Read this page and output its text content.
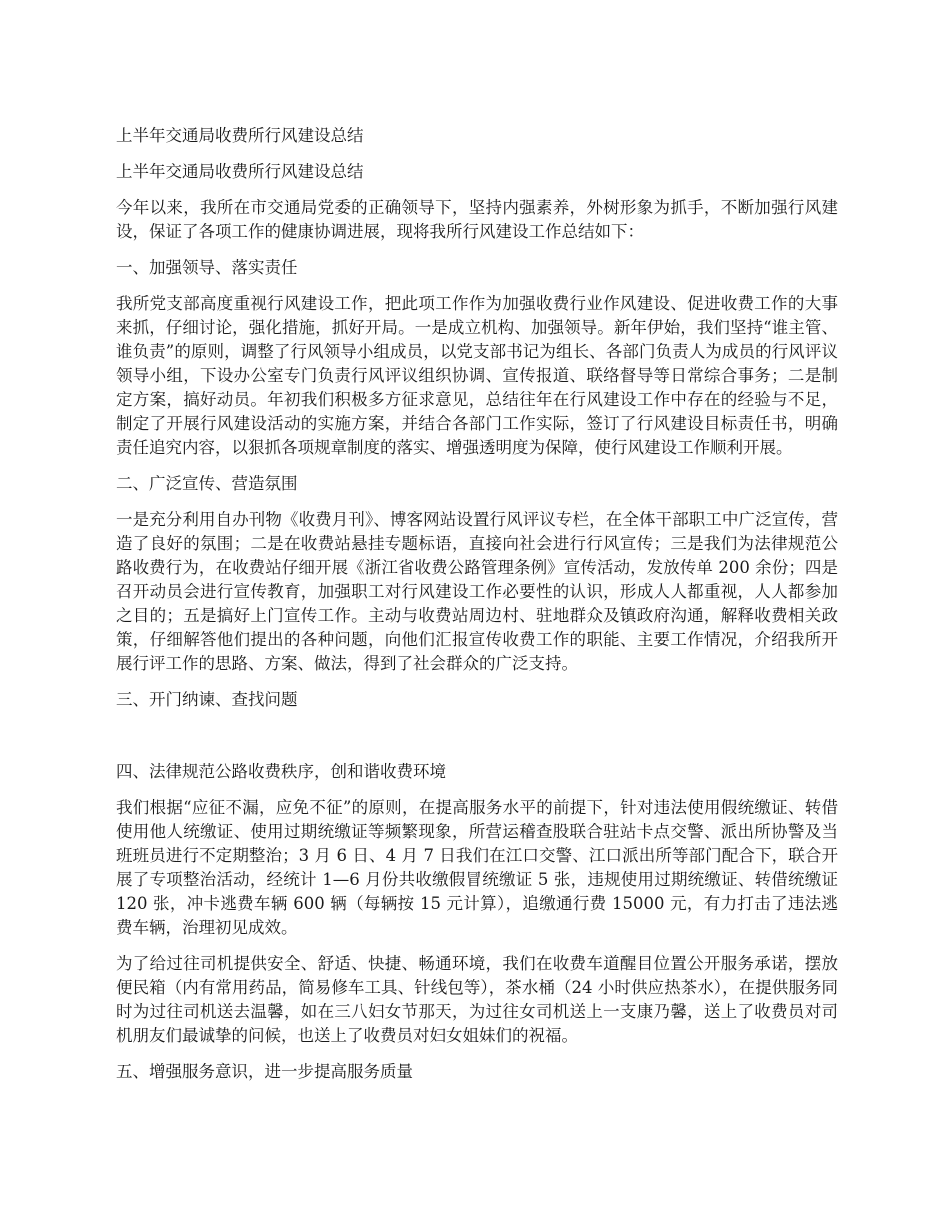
上半年交通局收费所行风建设总结

上半年交通局收费所行风建设总结

今年以来，我所在市交通局党委的正确领导下，坚持内强素养，外树形象为抓手，不断加强行风建设，保证了各项工作的健康协调进展，现将我所行风建设工作总结如下：

一、加强领导、落实责任

我所党支部高度重视行风建设工作，把此项工作作为加强收费行业作风建设、促进收费工作的大事来抓，仔细讨论，强化措施，抓好开局。一是成立机构、加强领导。新年伊始，我们坚持“谁主管、谁负责”的原则，调整了行风领导小组成员，以党支部书记为组长、各部门负责人为成员的行风评议领导小组，下设办公室专门负责行风评议组织协调、宣传报道、联络督导等日常综合事务；二是制定方案，搞好动员。年初我们积极多方征求意见，总结往年在行风建设工作中存在的经验与不足，制定了开展行风建设活动的实施方案，并结合各部门工作实际，签订了行风建设目标责任书，明确责任追究内容，以狠抓各项规章制度的落实、增强透明度为保障，使行风建设工作顺利开展。

二、广泛宣传、营造氛围

一是充分利用自办刊物《收费月刊》、博客网站设置行风评议专栏，在全体干部职工中广泛宣传，营造了良好的氛围；二是在收费站悬挂专题标语，直接向社会进行行风宣传；三是我们为法律规范公路收费行为，在收费站仔细开展《浙江省收费公路管理条例》宣传活动，发放传单 200 余份；四是召开动员会进行宣传教育，加强职工对行风建设工作必要性的认识，形成人人都重视，人人都参加之目的；五是搞好上门宣传工作。主动与收费站周边村、驻地群众及镇政府沟通，解释收费相关政策，仔细解答他们提出的各种问题，向他们汇报宣传收费工作的职能、主要工作情况，介绍我所开展行评工作的思路、方案、做法，得到了社会群众的广泛支持。

三、开门纳谏、查找问题

四、法律规范公路收费秩序，创和谐收费环境

我们根据“应征不漏，应免不征”的原则，在提高服务水平的前提下，针对违法使用假统缴证、转借使用他人统缴证、使用过期统缴证等频繁现象，所营运稽查股联合驻站卡点交警、派出所协警及当班班员进行不定期整治；3 月 6 日、4 月 7 日我们在江口交警、江口派出所等部门配合下，联合开展了专项整治活动，经统计 1—6 月份共收缴假冒统缴证 5 张，违规使用过期统缴证、转借统缴证 120 张，冲卡逃费车辆 600 辆（每辆按 15 元计算），追缴通行费 15000 元，有力打击了违法逃费车辆，治理初见成效。

为了给过往司机提供安全、舒适、快捷、畅通环境，我们在收费车道醒目位置公开服务承诺，摆放便民箱（内有常用药品，简易修车工具、针线包等），茶水桶（24 小时供应热茶水），在提供服务同时为过往司机送去温馨，如在三八妇女节那天，为过往女司机送上一支康乃馨，送上了收费员对司机朋友们最诚挚的问候，也送上了收费员对妇女姐妹们的祝福。

五、增强服务意识，进一步提高服务质量
